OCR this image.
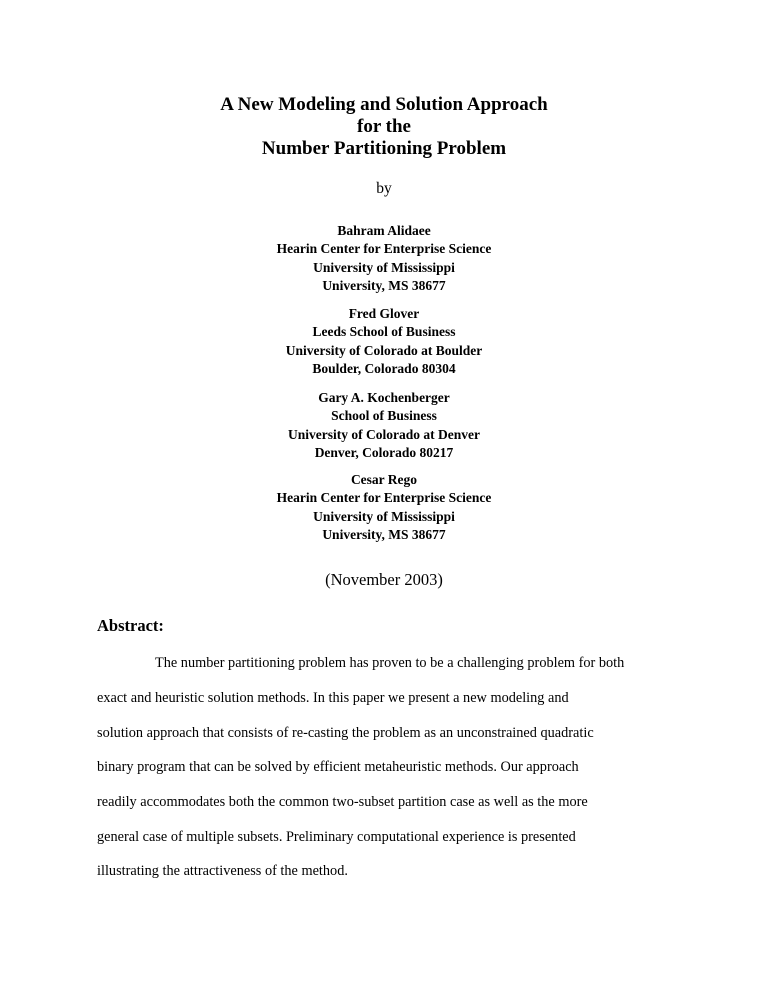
A New Modeling and Solution Approach
for the
Number Partitioning Problem
by
Bahram Alidaee
Hearin Center for Enterprise Science
University of Mississippi
University, MS 38677
Fred Glover
Leeds School of Business
University of Colorado at Boulder
Boulder, Colorado 80304
Gary A. Kochenberger
School of Business
University of Colorado at Denver
Denver, Colorado 80217
Cesar Rego
Hearin Center for Enterprise Science
University of Mississippi
University, MS 38677
(November 2003)
Abstract:
The number partitioning problem has proven to be a challenging problem for both
exact and heuristic solution methods. In this paper we present a new modeling and
solution approach that consists of re-casting the problem as an unconstrained quadratic
binary program that can be solved by efficient metaheuristic methods. Our approach
readily accommodates both the common two-subset partition case as well as the more
general case of multiple subsets. Preliminary computational experience is presented
illustrating the attractiveness of the method.
